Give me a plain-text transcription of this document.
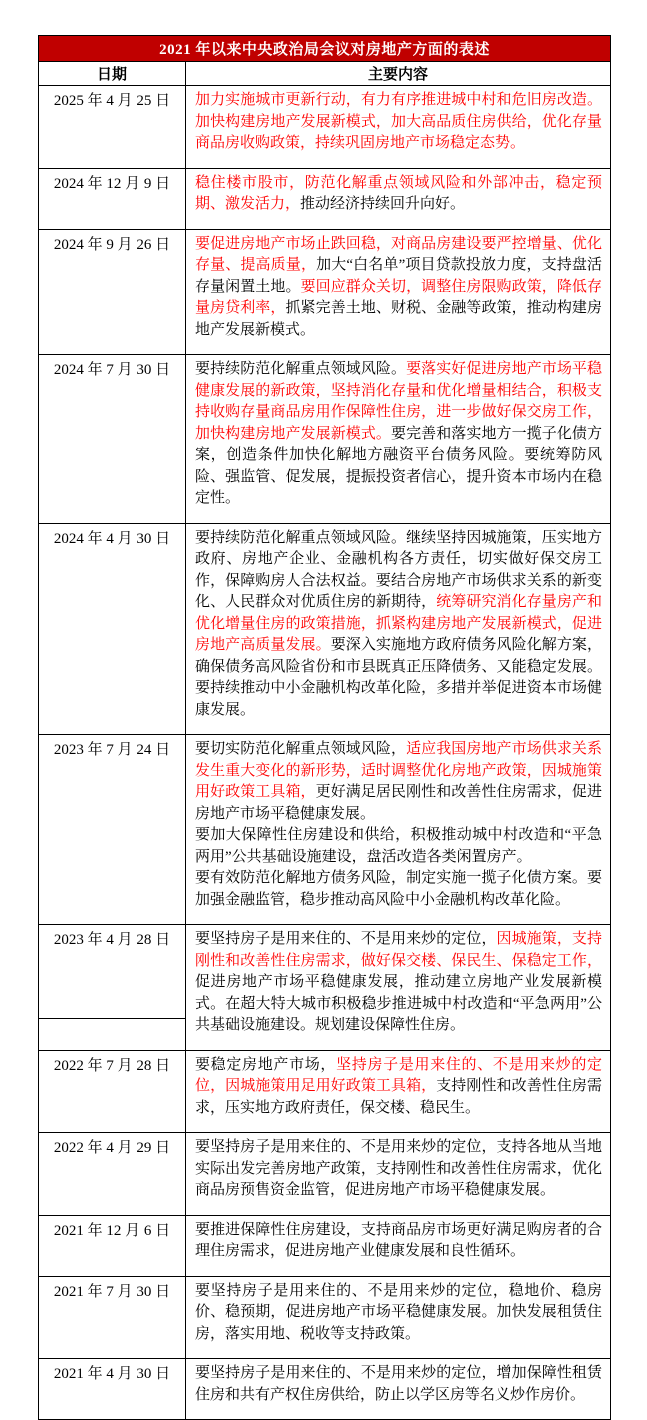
2021 年以来中央政治局会议对房地产方面的表述	
日期	主要内容
2025 年 4 月 25 日	加力实施城市更新行动，有力有序推进城中村和危旧房改造。加快构建房地产发展新模式，加大高品质住房供给，优化存量商品房收购政策，持续巩固房地产市场稳定态势。

2024 年 12 月 9 日	稳住楼市股市，防范化解重点领域风险和外部冲击，稳定预期、激发活力，推动经济持续回升向好。

2024 年 9 月 26 日	要促进房地产市场止跌回稳，对商品房建设要严控增量、优化存量、提高质量，加大“白名单”项目贷款投放力度，支持盘活存量闲置土地。要回应群众关切，调整住房限购政策，降低存量房贷利率，抓紧完善土地、财税、金融等政策，推动构建房地产发展新模式。

2024 年 7 月 30 日	要持续防范化解重点领域风险。要落实好促进房地产市场平稳健康发展的新政策，坚持消化存量和优化增量相结合，积极支持收购存量商品房用作保障性住房，进一步做好保交房工作，加快构建房地产发展新模式。要完善和落实地方一揽子化债方案，创造条件加快化解地方融资平台债务风险。要统筹防风险、强监管、促发展，提振投资者信心，提升资本市场内在稳定性。

2024 年 4 月 30 日	要持续防范化解重点领域风险。继续坚持因城施策，压实地方政府、房地产企业、金融机构各方责任，切实做好保交房工作，保障购房人合法权益。要结合房地产市场供求关系的新变化、人民群众对优质住房的新期待，统筹研究消化存量房产和优化增量住房的政策措施，抓紧构建房地产发展新模式，促进房地产高质量发展。要深入实施地方政府债务风险化解方案，确保债务高风险省份和市县既真正压降债务、又能稳定发展。要持续推动中小金融机构改革化险，多措并举促进资本市场健康发展。

2023 年 7 月 24 日	要切实防范化解重点领域风险，适应我国房地产市场供求关系发生重大变化的新形势，适时调整优化房地产政策，因城施策用好政策工具箱，更好满足居民刚性和改善性住房需求，促进房地产市场平稳健康发展。
要加大保障性住房建设和供给，积极推动城中村改造和“平急两用”公共基础设施建设，盘活改造各类闲置房产。
要有效防范化解地方债务风险，制定实施一揽子化债方案。要加强金融监管，稳步推动高风险中小金融机构改革化险。

2023 年 4 月 28 日	要坚持房子是用来住的、不是用来炒的定位，因城施策，支持刚性和改善性住房需求，做好保交楼、保民生、保稳定工作，促进房地产市场平稳健康发展，推动建立房地产业发展新模式。在超大特大城市积极稳步推进城中村改造和“平急两用”公共基础设施建设。规划建设保障性住房。

2022 年 7 月 28 日	要稳定房地产市场，坚持房子是用来住的、不是用来炒的定位，因城施策用足用好政策工具箱，支持刚性和改善性住房需求，压实地方政府责任，保交楼、稳民生。

2022 年 4 月 29 日	要坚持房子是用来住的、不是用来炒的定位，支持各地从当地实际出发完善房地产政策，支持刚性和改善性住房需求，优化商品房预售资金监管，促进房地产市场平稳健康发展。

2021 年 12 月 6 日	要推进保障性住房建设，支持商品房市场更好满足购房者的合理住房需求，促进房地产业健康发展和良性循环。

2021 年 7 月 30 日	要坚持房子是用来住的、不是用来炒的定位，稳地价、稳房价、稳预期，促进房地产市场平稳健康发展。加快发展租赁住房，落实用地、税收等支持政策。

2021 年 4 月 30 日	要坚持房子是用来住的、不是用来炒的定位，增加保障性租赁住房和共有产权住房供给，防止以学区房等名义炒作房价。
